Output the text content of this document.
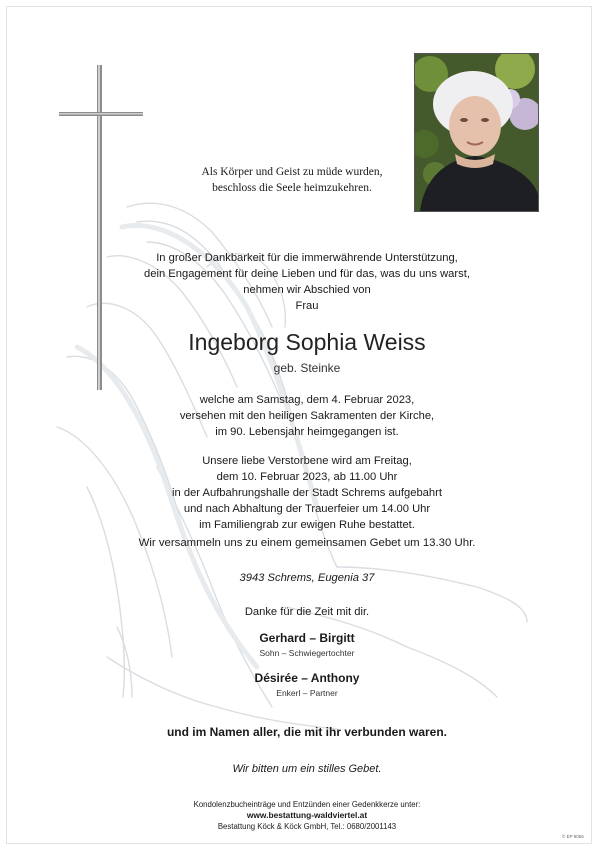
Als Körper und Geist zu müde wurden,
beschloss die Seele heimzukehren.
In großer Dankbarkeit für die immerwährende Unterstützung,
dein Engagement für deine Lieben und für das, was du uns warst,
nehmen wir Abschied von
Frau
Ingeborg Sophia Weiss
geb. Steinke
welche am Samstag, dem 4. Februar 2023,
versehen mit den heiligen Sakramenten der Kirche,
im 90. Lebensjahr heimgegangen ist.
Unsere liebe Verstorbene wird am Freitag,
dem 10. Februar 2023, ab 11.00 Uhr
in der Aufbahrungshalle der Stadt Schrems aufgebahrt
und nach Abhaltung der Trauerfeier um 14.00 Uhr
im Familiengrab zur ewigen Ruhe bestattet.
Wir versammeln uns zu einem gemeinsamen Gebet um 13.30 Uhr.
3943 Schrems, Eugenia 37
Danke für die Zeit mit dir.
Gerhard – Birgitt
Sohn – Schwiegertochter
Désirée – Anthony
Enkerl – Partner
und im Namen aller, die mit ihr verbunden waren.
Wir bitten um ein stilles Gebet.
Kondolenzbucheinträge und Entzünden einer Gedenkkerze unter:
www.bestattung-waldviertel.at
Bestattung Köck & Köck GmbH, Tel.: 0680/2001143
© EP 9056
